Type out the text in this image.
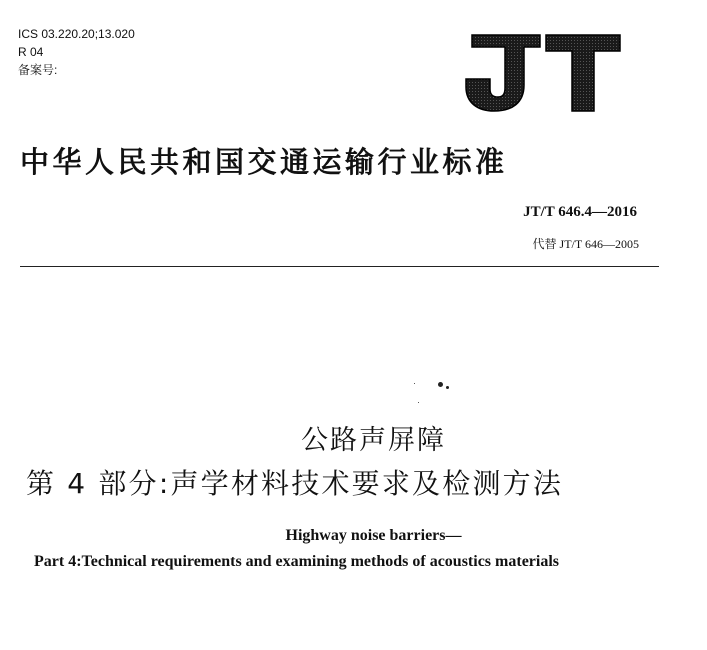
ICS 03.220.20;13.020
R 04
备案号:
中华人民共和国交通运输行业标准
JT/T 646.4—2016
代替 JT/T 646—2005
公路声屏障
第 4 部分:声学材料技术要求及检测方法
Highway noise barriers—
Part 4:Technical requirements and examining methods of acoustics materials
